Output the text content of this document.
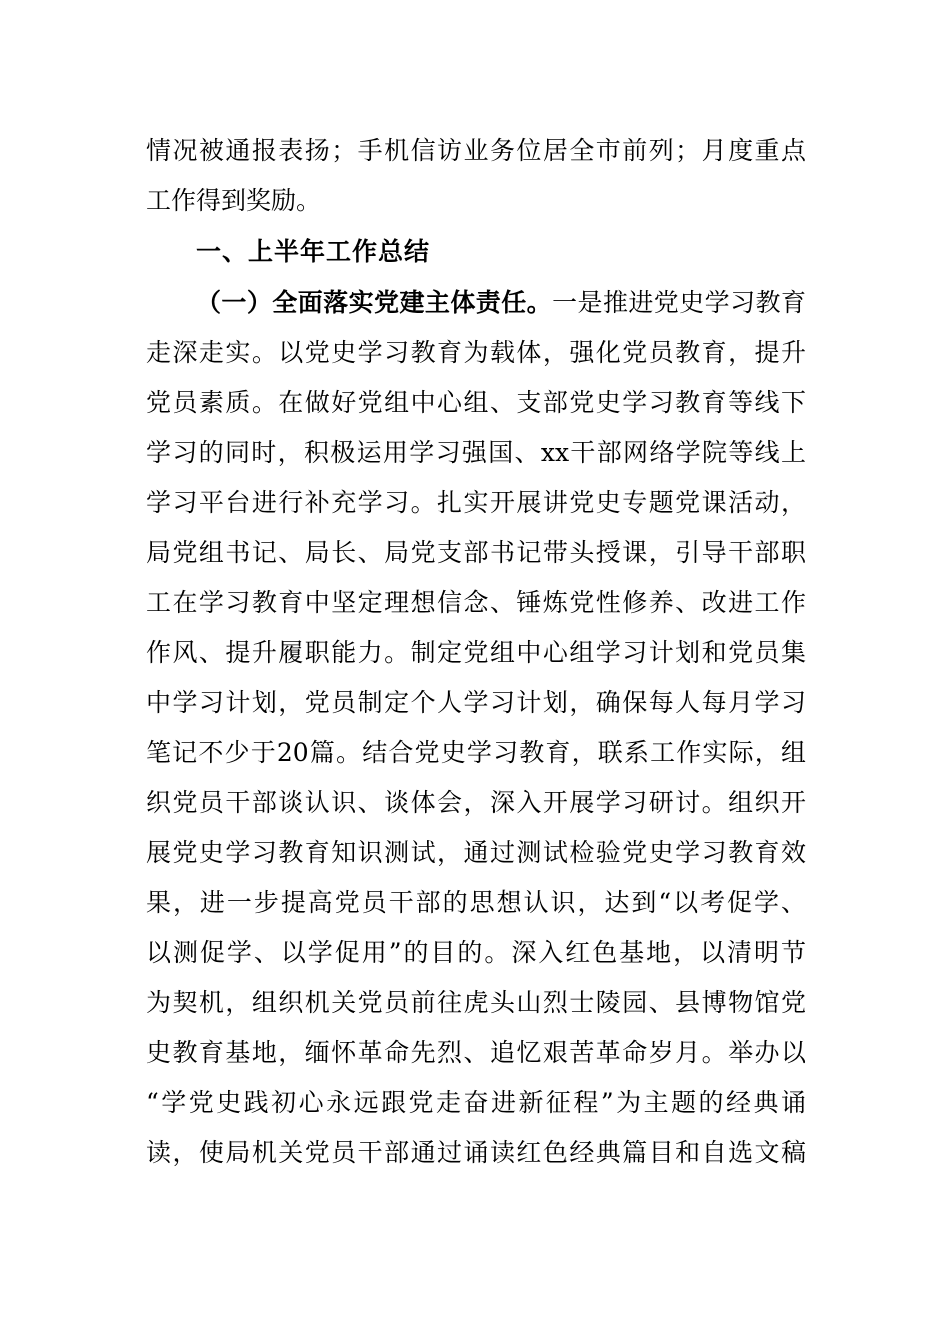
情况被通报表扬；手机信访业务位居全市前列；月度重点
工作得到奖励。
一、上半年工作总结
（一）全面落实党建主体责任。一是推进党史学习教育
走深走实。以党史学习教育为载体，强化党员教育，提升
党员素质。在做好党组中心组、支部党史学习教育等线下
学习的同时，积极运用学习强国、xx干部网络学院等线上
学习平台进行补充学习。扎实开展讲党史专题党课活动，
局党组书记、局长、局党支部书记带头授课，引导干部职
工在学习教育中坚定理想信念、锤炼党性修养、改进工作
作风、提升履职能力。制定党组中心组学习计划和党员集
中学习计划，党员制定个人学习计划，确保每人每月学习
笔记不少于20篇。结合党史学习教育，联系工作实际，组
织党员干部谈认识、谈体会，深入开展学习研讨。组织开
展党史学习教育知识测试，通过测试检验党史学习教育效
果，进一步提高党员干部的思想认识，达到“以考促学、
以测促学、以学促用”的目的。深入红色基地，以清明节
为契机，组织机关党员前往虎头山烈士陵园、县博物馆党
史教育基地，缅怀革命先烈、追忆艰苦革命岁月。举办以
“学党史践初心永远跟党走奋进新征程”为主题的经典诵
读，使局机关党员干部通过诵读红色经典篇目和自选文稿
